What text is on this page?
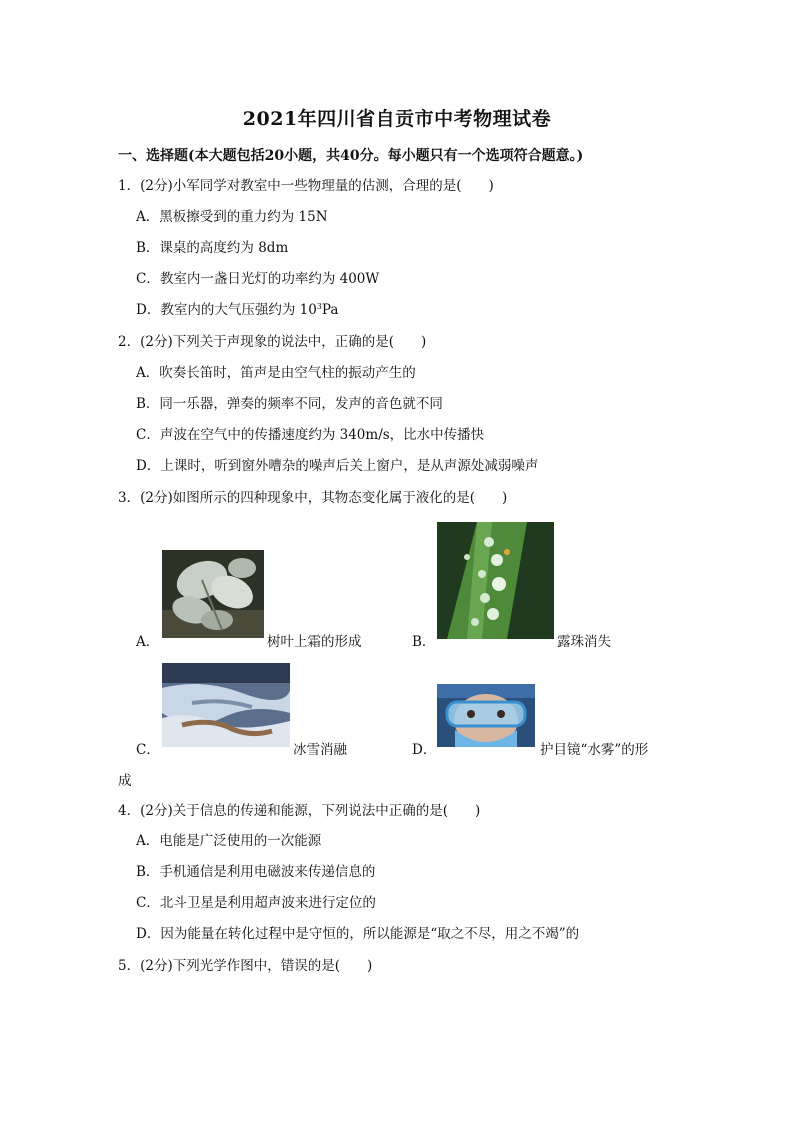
2021年四川省自贡市中考物理试卷
一、选择题(本大题包括20小题，共40分。每小题只有一个选项符合题意。)
1．(2分)小军同学对教室中一些物理量的估测，合理的是(　　)
A．黑板擦受到的重力约为 15N
B．课桌的高度约为 8dm
C．教室内一盏日光灯的功率约为 400W
D．教室内的大气压强约为 $10^3Pa$
2．(2分)下列关于声现象的说法中，正确的是(　　)
A．吹奏长笛时，笛声是由空气柱的振动产生的
B．同一乐器，弹奏的频率不同，发声的音色就不同
C．声波在空气中的传播速度约为 340m/s，比水中传播快
D．上课时，听到窗外嘈杂的噪声后关上窗户，是从声源处减弱噪声
3．(2分)如图所示的四种现象中，其物态变化属于液化的是(　　)
A．	树叶上霜的形成	B．	露珠消失
C．	冰雪消融	D．	护目镜“水雾”的形
成
4．(2分)关于信息的传递和能源，下列说法中正确的是(　　)
A．电能是广泛使用的一次能源
B．手机通信是利用电磁波来传递信息的
C．北斗卫星是利用超声波来进行定位的
D．因为能量在转化过程中是守恒的，所以能源是“取之不尽，用之不竭”的
5．(2分)下列光学作图中，错误的是(　　)
